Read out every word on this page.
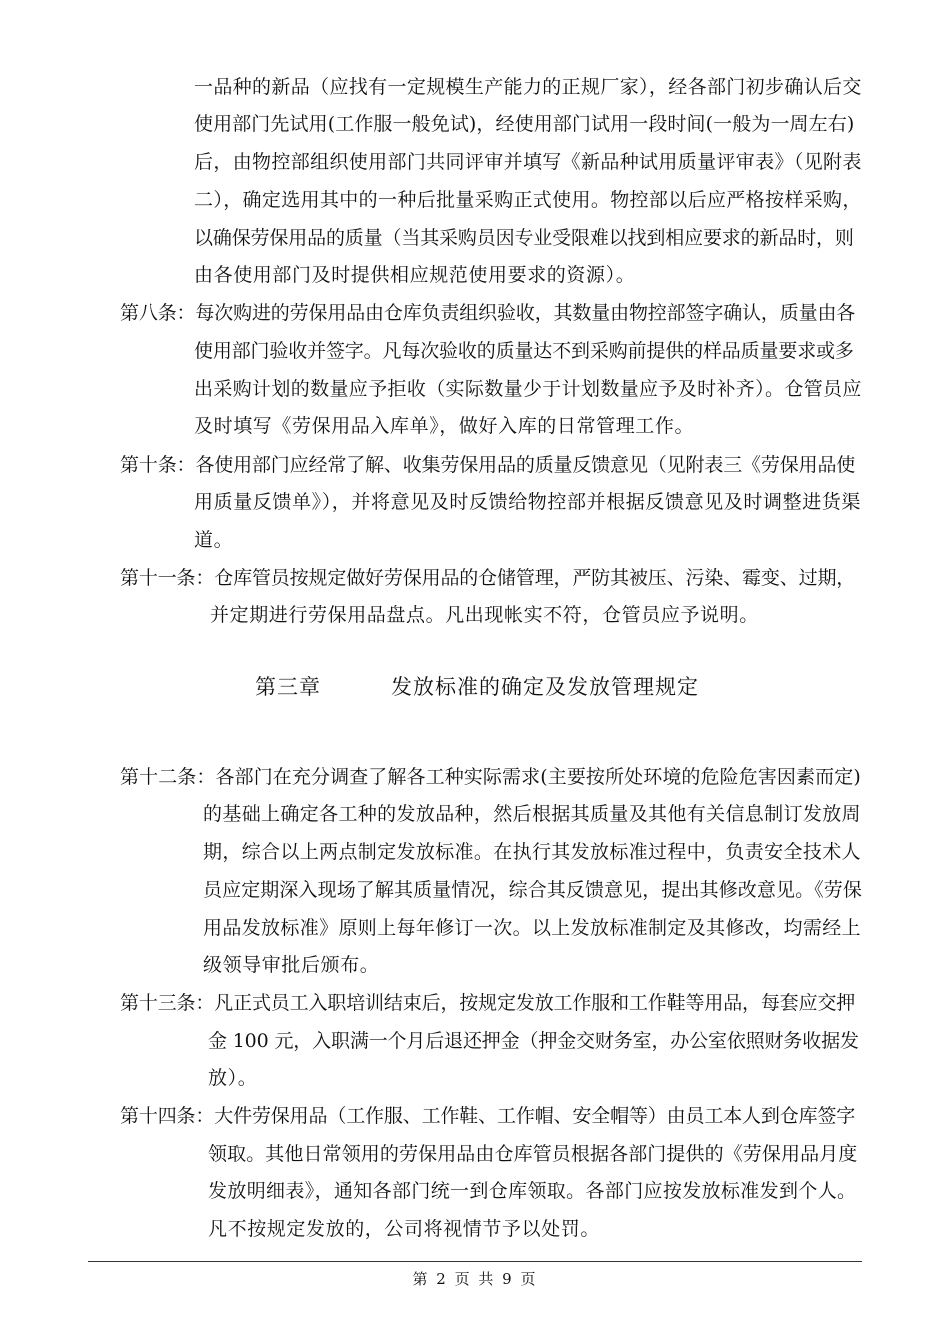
一品种的新品（应找有一定规模生产能力的正规厂家），经各部门初步确认后交
使用部门先试用(工作服一般免试)，经使用部门试用一段时间(一般为一周左右)
后，由物控部组织使用部门共同评审并填写《新品种试用质量评审表》（见附表
二），确定选用其中的一种后批量采购正式使用。物控部以后应严格按样采购，
以确保劳保用品的质量（当其采购员因专业受限难以找到相应要求的新品时，则
由各使用部门及时提供相应规范使用要求的资源）。
第八条：每次购进的劳保用品由仓库负责组织验收，其数量由物控部签字确认，质量由各
使用部门验收并签字。凡每次验收的质量达不到采购前提供的样品质量要求或多
出采购计划的数量应予拒收（实际数量少于计划数量应予及时补齐）。仓管员应
及时填写《劳保用品入库单》，做好入库的日常管理工作。
第十条：各使用部门应经常了解、收集劳保用品的质量反馈意见（见附表三《劳保用品使
用质量反馈单》），并将意见及时反馈给物控部并根据反馈意见及时调整进货渠
道。
第十一条：仓库管员按规定做好劳保用品的仓储管理，严防其被压、污染、霉变、过期，
并定期进行劳保用品盘点。凡出现帐实不符，仓管员应予说明。
第三章	发放标准的确定及发放管理规定
第十二条：各部门在充分调查了解各工种实际需求(主要按所处环境的危险危害因素而定)
的基础上确定各工种的发放品种，然后根据其质量及其他有关信息制订发放周
期，综合以上两点制定发放标准。在执行其发放标准过程中，负责安全技术人
员应定期深入现场了解其质量情况，综合其反馈意见，提出其修改意见。《劳保
用品发放标准》原则上每年修订一次。以上发放标准制定及其修改，均需经上
级领导审批后颁布。
第十三条：凡正式员工入职培训结束后，按规定发放工作服和工作鞋等用品，每套应交押
金 100 元，入职满一个月后退还押金（押金交财务室，办公室依照财务收据发
放）。
第十四条：大件劳保用品（工作服、工作鞋、工作帽、安全帽等）由员工本人到仓库签字
领取。其他日常领用的劳保用品由仓库管员根据各部门提供的《劳保用品月度
发放明细表》，通知各部门统一到仓库领取。各部门应按发放标准发到个人。
凡不按规定发放的，公司将视情节予以处罚。
第 2 页 共 9 页
